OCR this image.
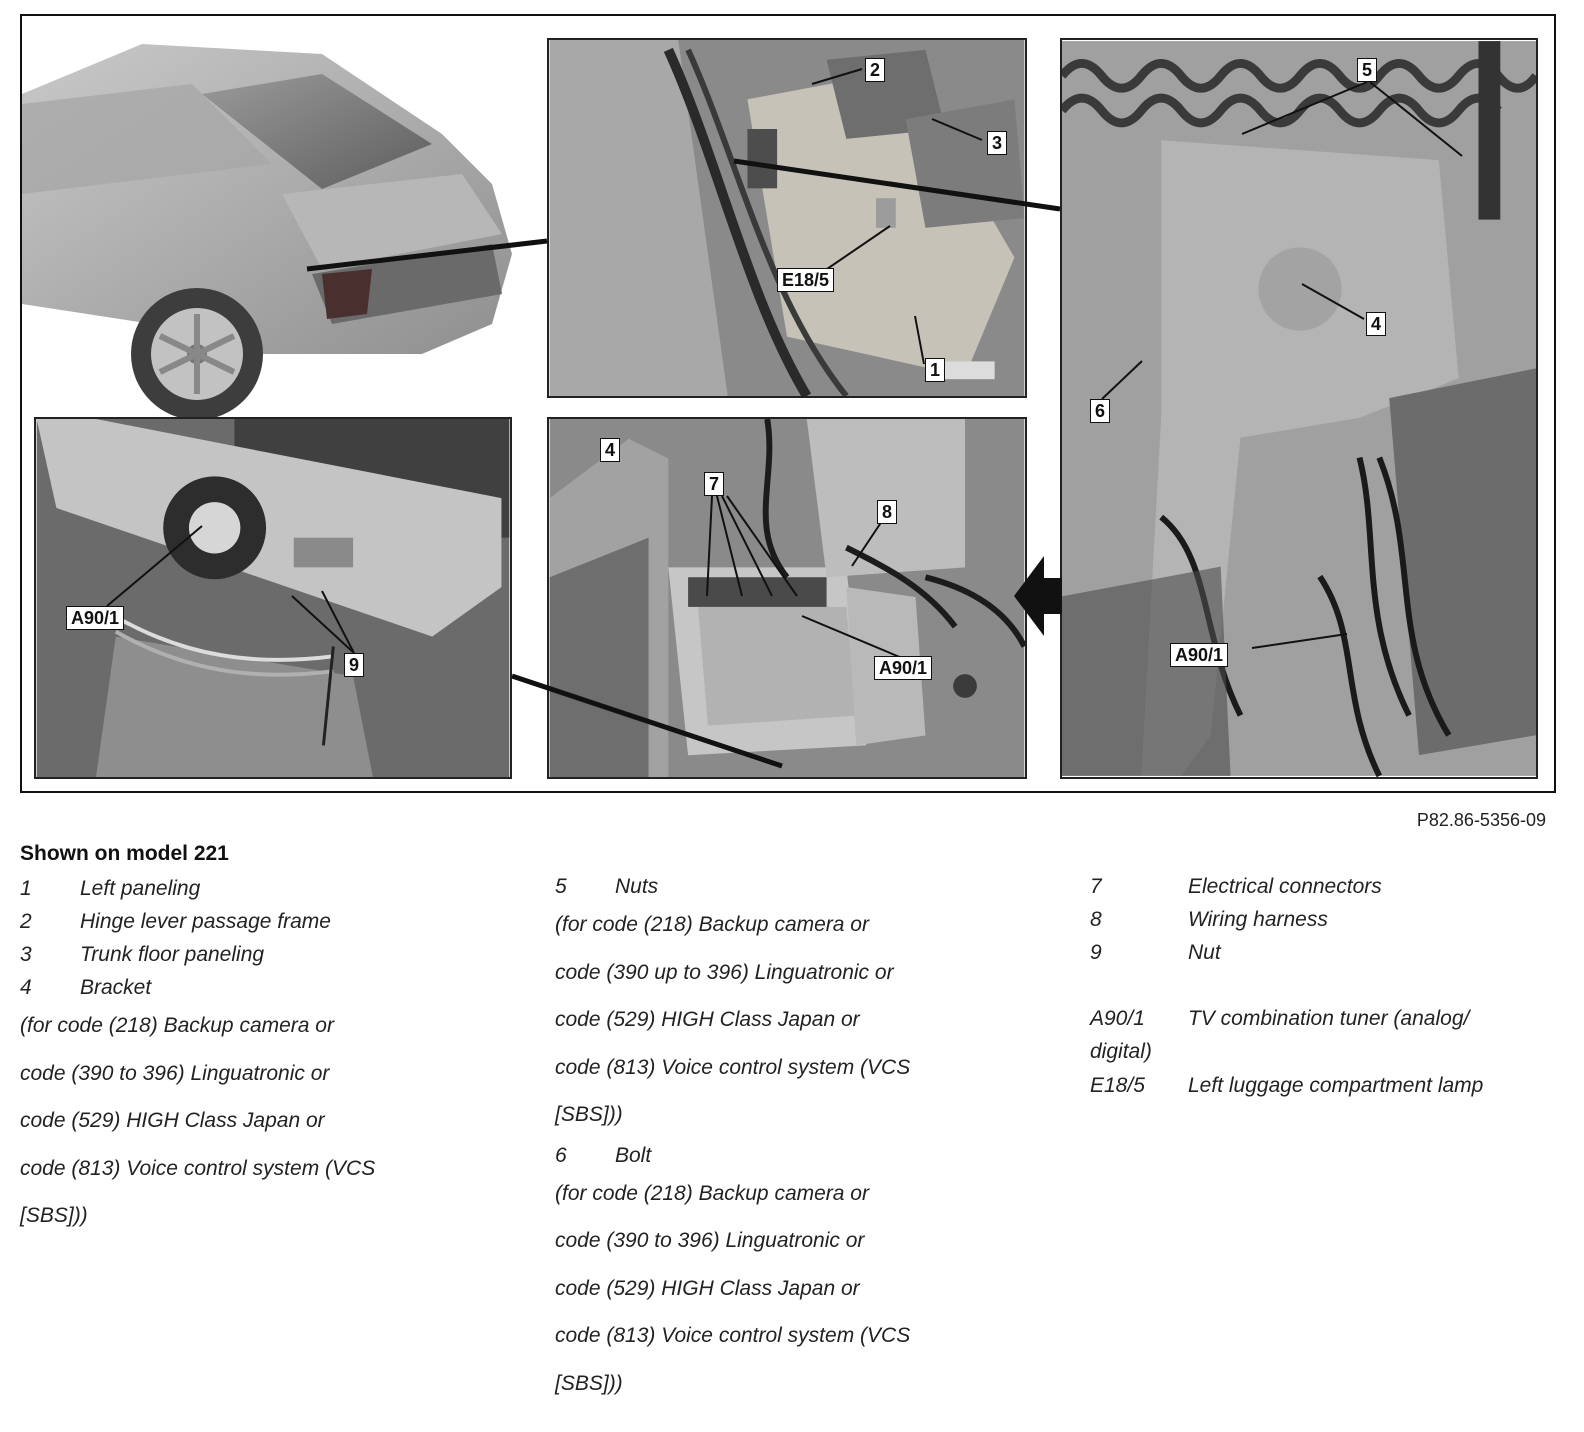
2
3
E18/5
1
5
4
6
A90/1
A90/1
9
4
7
8
A90/1
P82.86-5356-09
Shown on model 221
1	Left paneling
2	Hinge lever passage frame
3	Trunk floor paneling
4	Bracket
(for code (218) Backup camera or
code (390 to 396) Linguatronic or
code (529) HIGH Class Japan or
code (813) Voice control system (VCS
[SBS]))
5	Nuts
(for code (218) Backup camera or
code (390 up to 396) Linguatronic or
code (529) HIGH Class Japan or
code (813) Voice control system (VCS
[SBS]))
6	Bolt
(for code (218) Backup camera or
code (390 to 396) Linguatronic or
code (529) HIGH Class Japan or
code (813) Voice control system (VCS
[SBS]))
7	Electrical connectors
8	Wiring harness
9	Nut
A90/1	TV combination tuner (analog/
digital)
E18/5	Left luggage compartment lamp
